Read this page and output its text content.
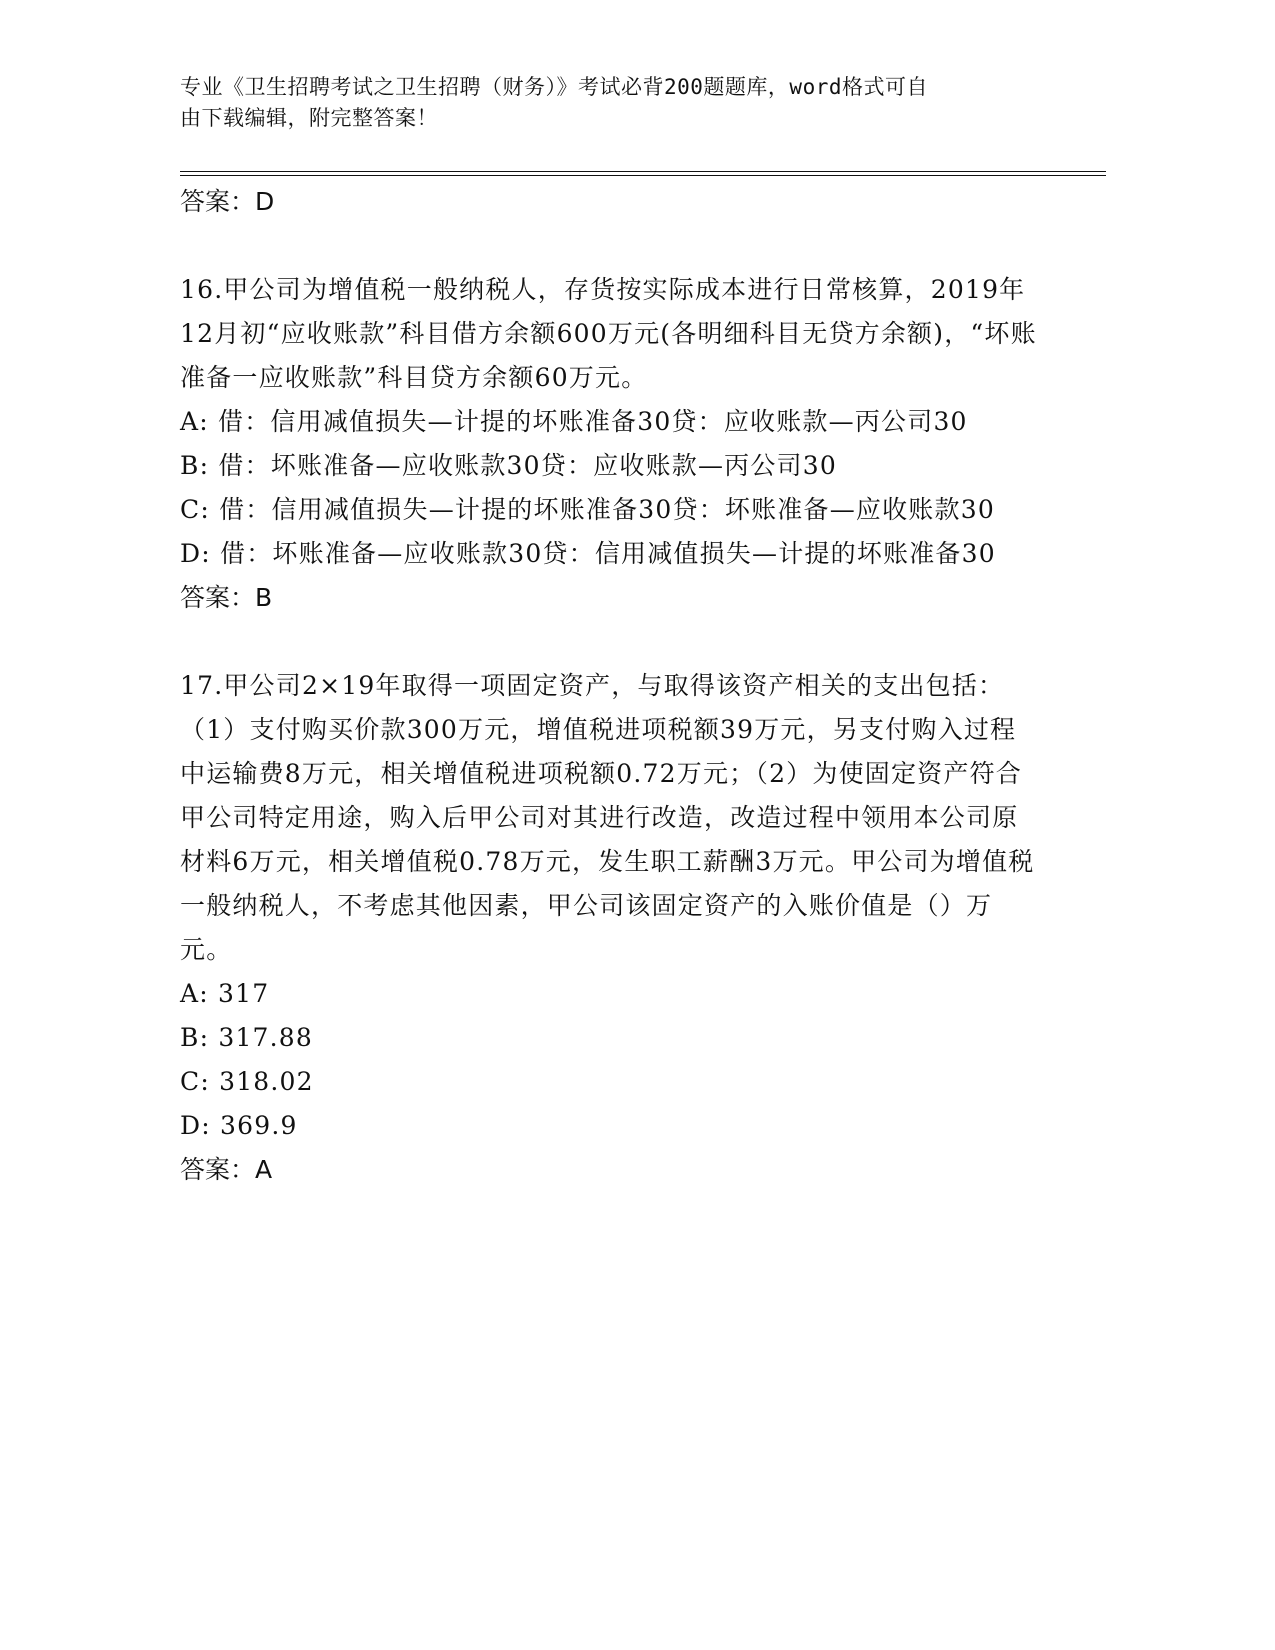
专业《卫生招聘考试之卫生招聘（财务）》考试必背200题题库，word格式可自
由下载编辑，附完整答案！
答案：D
16.甲公司为增值税一般纳税人，存货按实际成本进行日常核算，2019年12月初“应收账款”科目借方余额600万元(各明细科目无贷方余额)，“坏账准备一应收账款”科目贷方余额60万元。
A: 借：信用减值损失—计提的坏账准备30贷：应收账款—丙公司30
B: 借：坏账准备—应收账款30贷：应收账款—丙公司30
C: 借：信用减值损失—计提的坏账准备30贷：坏账准备—应收账款30
D: 借：坏账准备—应收账款30贷：信用减值损失—计提的坏账准备30
答案：B
17.甲公司2×19年取得一项固定资产，与取得该资产相关的支出包括：（1）支付购买价款300万元，增值税进项税额39万元，另支付购入过程中运输费8万元，相关增值税进项税额0.72万元；（2）为使固定资产符合甲公司特定用途，购入后甲公司对其进行改造，改造过程中领用本公司原材料6万元，相关增值税0.78万元，发生职工薪酬3万元。甲公司为增值税一般纳税人，不考虑其他因素，甲公司该固定资产的入账价值是（）万元。
A: 317
B: 317.88
C: 318.02
D: 369.9
答案：A
